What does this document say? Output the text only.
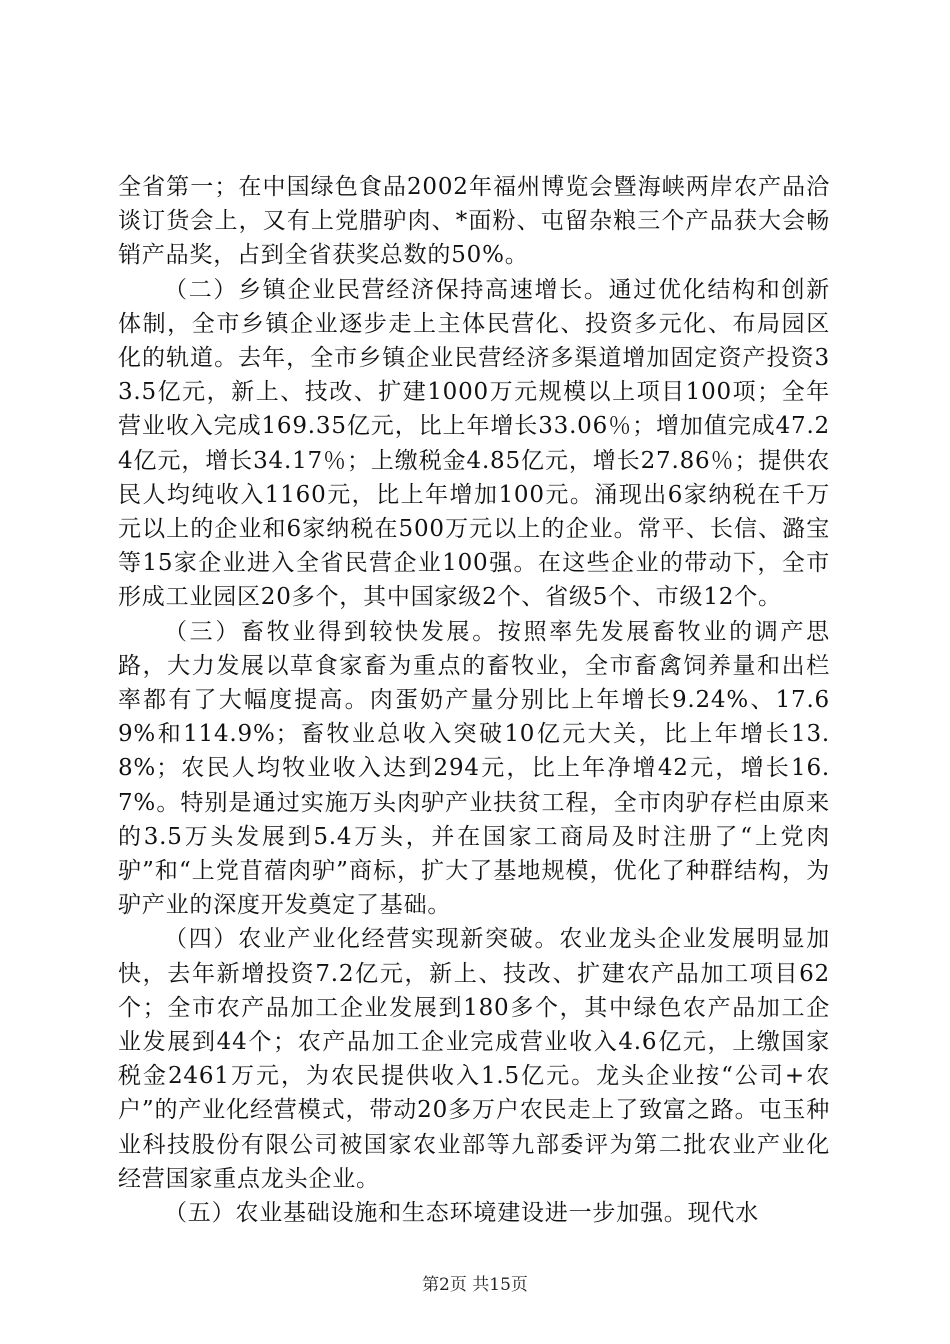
全省第一；在中国绿色食品2002年福州博览会暨海峡两岸农产品洽谈订货会上，又有上党腊驴肉、*面粉、屯留杂粮三个产品获大会畅销产品奖，占到全省获奖总数的50%。

（二）乡镇企业民营经济保持高速增长。通过优化结构和创新体制，全市乡镇企业逐步走上主体民营化、投资多元化、布局园区化的轨道。去年，全市乡镇企业民营经济多渠道增加固定资产投资33.5亿元，新上、技改、扩建1000万元规模以上项目100项；全年营业收入完成169.35亿元，比上年增长33.06％；增加值完成47.24亿元，增长34.17％；上缴税金4.85亿元，增长27.86％；提供农民人均纯收入1160元，比上年增加100元。涌现出6家纳税在千万元以上的企业和6家纳税在500万元以上的企业。常平、长信、潞宝等15家企业进入全省民营企业100强。在这些企业的带动下，全市形成工业园区20多个，其中国家级2个、省级5个、市级12个。

（三）畜牧业得到较快发展。按照率先发展畜牧业的调产思路，大力发展以草食家畜为重点的畜牧业，全市畜禽饲养量和出栏率都有了大幅度提高。肉蛋奶产量分别比上年增长9.24%、17.69%和114.9%；畜牧业总收入突破10亿元大关，比上年增长13.8%；农民人均牧业收入达到294元，比上年净增42元，增长16.7%。特别是通过实施万头肉驴产业扶贫工程，全市肉驴存栏由原来的3.5万头发展到5.4万头，并在国家工商局及时注册了“上党肉驴”和“上党苜蓿肉驴”商标，扩大了基地规模，优化了种群结构，为驴产业的深度开发奠定了基础。

（四）农业产业化经营实现新突破。农业龙头企业发展明显加快，去年新增投资7.2亿元，新上、技改、扩建农产品加工项目62个；全市农产品加工企业发展到180多个，其中绿色农产品加工企业发展到44个；农产品加工企业完成营业收入4.6亿元，上缴国家税金2461万元，为农民提供收入1.5亿元。龙头企业按“公司+农户”的产业化经营模式，带动20多万户农民走上了致富之路。屯玉种业科技股份有限公司被国家农业部等九部委评为第二批农业产业化经营国家重点龙头企业。

（五）农业基础设施和生态环境建设进一步加强。现代水

第2页 共15页
